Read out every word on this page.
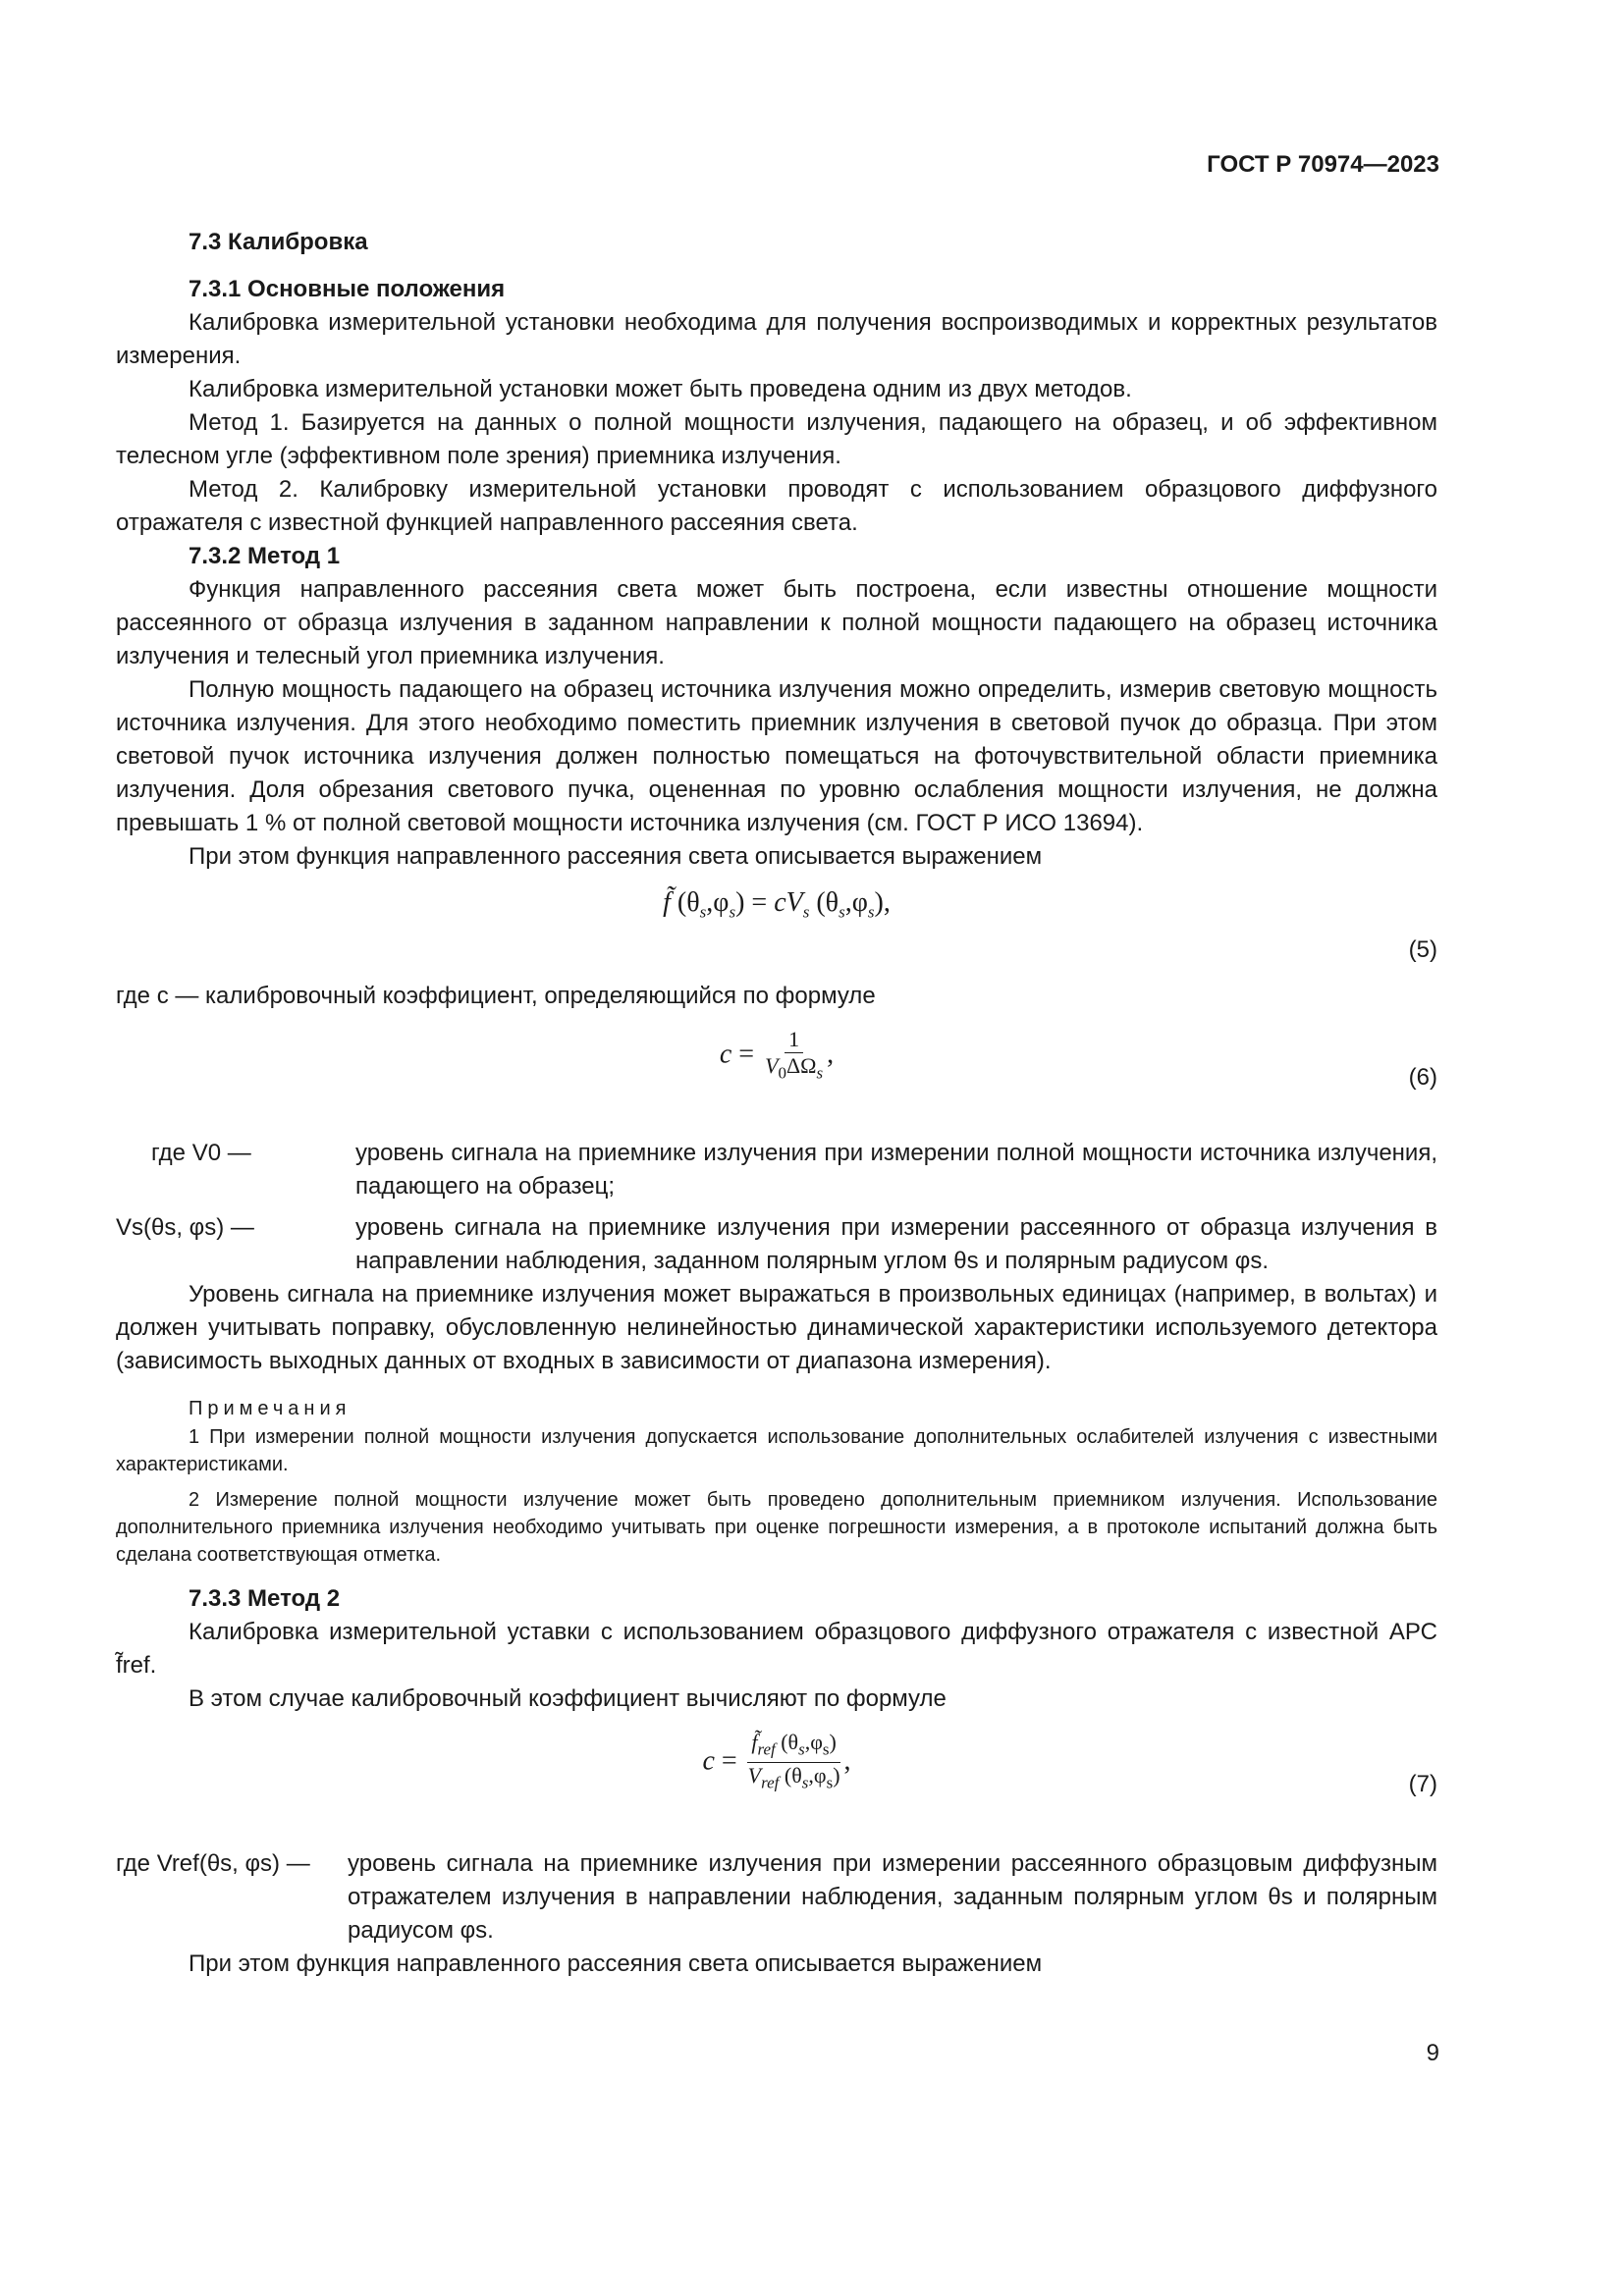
ГОСТ Р 70974—2023
7.3 Калибровка
7.3.1 Основные положения

Калибровка измерительной установки необходима для получения воспроизводимых и корректных результатов измерения.

Калибровка измерительной установки может быть проведена одним из двух методов.

Метод 1. Базируется на данных о полной мощности излучения, падающего на образец, и об эффективном телесном угле (эффективном поле зрения) приемника излучения.

Метод 2. Калибровку измерительной установки проводят с использованием образцового диффузного отражателя с известной функцией направленного рассеяния света.

7.3.2 Метод 1

Функция направленного рассеяния света может быть построена, если известны отношение мощности рассеянного от образца излучения в заданном направлении к полной мощности падающего на образец источника излучения и телесный угол приемника излучения.

Полную мощность падающего на образец источника излучения можно определить, измерив световую мощность источника излучения. Для этого необходимо поместить приемник излучения в световой пучок до образца. При этом световой пучок источника излучения должен полностью помещаться на фоточувствительной области приемника излучения. Доля обрезания светового пучка, оцененная по уровню ослабления мощности излучения, не должна превышать 1 % от полной световой мощности источника излучения (см. ГОСТ Р ИСО 13694).

При этом функция направленного рассеяния света описывается выражением

f̃ $(\theta_s,\varphi_s) = cV_s$ $(\theta_s,\varphi_s)$,
(5)

где c — калибровочный коэффициент, определяющийся по формуле

$c = \frac{1}{V_0\Delta\Omega_s}$ ,
(6)
где V0 —	уровень сигнала на приемнике излучения при измерении полной мощности источника излучения, падающего на образец;
Vs(θs, φs) —	уровень сигнала на приемнике излучения при измерении рассеянного от образца излучения в направлении наблюдения, заданном полярным углом θs и полярным радиусом φs.

Уровень сигнала на приемнике излучения может выражаться в произвольных единицах (например, в вольтах) и должен учитывать поправку, обусловленную нелинейностью динамической характеристики используемого детектора (зависимость выходных данных от входных в зависимости от диапазона измерения).

Примечания

1 При измерении полной мощности излучения допускается использование дополнительных ослабителей излучения с известными характеристиками.

2 Измерение полной мощности излучение может быть проведено дополнительным приемником излучения. Использование дополнительного приемника излучения необходимо учитывать при оценке погрешности измерения, а в протоколе испытаний должна быть сделана соответствующая отметка.

7.3.3 Метод 2

Калибровка измерительной уставки с использованием образцового диффузного отражателя с известной АРС f̃ref.

В этом случае калибровочный коэффициент вычисляют по формуле

$c = \frac{f̃_{ref} (\theta_s,\varphi_s)}{V_{ref} (\theta_s,\varphi_s)}$ ,
(7)
где Vref(θs, φs) —	уровень сигнала на приемнике излучения при измерении рассеянного образцовым диффузным отражателем излучения в направлении наблюдения, заданным полярным углом θs и полярным радиусом φs.

При этом функция направленного рассеяния света описывается выражением

9
